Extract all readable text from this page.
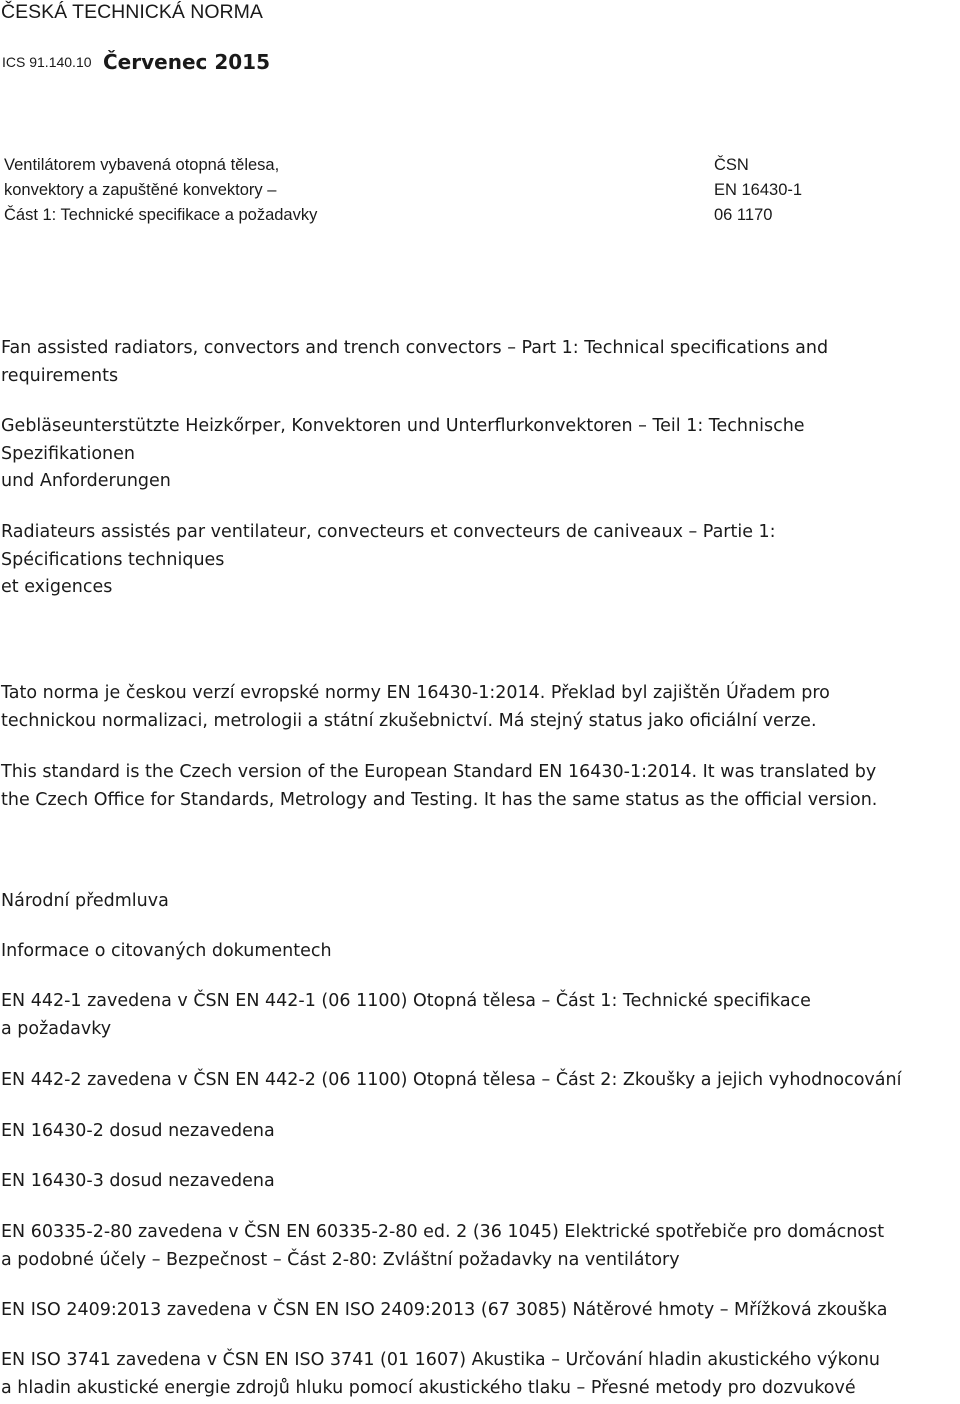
ČESKÁ TECHNICKÁ NORMA
ICS 91.140.10 Červenec 2015
Ventilátorem vybavená otopná tělesa,
konvektory a zapuštěné konvektory –
Část 1: Technické specifikace a požadavky
ČSN
EN 16430-1
06 1170
Fan assisted radiators, convectors and trench convectors – Part 1: Technical specifications and
requirements
Gebläseunterstützte Heizkőrper, Konvektoren und Unterflurkonvektoren – Teil 1: Technische
Spezifikationen
und Anforderungen
Radiateurs assistés par ventilateur, convecteurs et convecteurs de caniveaux – Partie 1:
Spécifications techniques
et exigences
Tato norma je českou verzí evropské normy EN 16430-1:2014. Překlad byl zajištěn Úřadem pro
technickou normalizaci, metrologii a státní zkušebnictví. Má stejný status jako oficiální verze.
This standard is the Czech version of the European Standard EN 16430-1:2014. It was translated by
the Czech Office for Standards, Metrology and Testing. It has the same status as the official version.
Národní předmluva
Informace o citovaných dokumentech
EN 442-1 zavedena v ČSN EN 442-1 (06 1100) Otopná tělesa – Část 1: Technické specifikace
a požadavky
EN 442-2 zavedena v ČSN EN 442-2 (06 1100) Otopná tělesa – Část 2: Zkoušky a jejich vyhodnocování
EN 16430-2 dosud nezavedena
EN 16430-3 dosud nezavedena
EN 60335-2-80 zavedena v ČSN EN 60335-2-80 ed. 2 (36 1045) Elektrické spotřebiče pro domácnost
a podobné účely – Bezpečnost – Část 2-80: Zvláštní požadavky na ventilátory
EN ISO 2409:2013 zavedena v ČSN EN ISO 2409:2013 (67 3085) Nátěrové hmoty – Mřížková zkouška
EN ISO 3741 zavedena v ČSN EN ISO 3741 (01 1607) Akustika – Určování hladin akustického výkonu
a hladin akustické energie zdrojů hluku pomocí akustického tlaku – Přesné metody pro dozvukové
